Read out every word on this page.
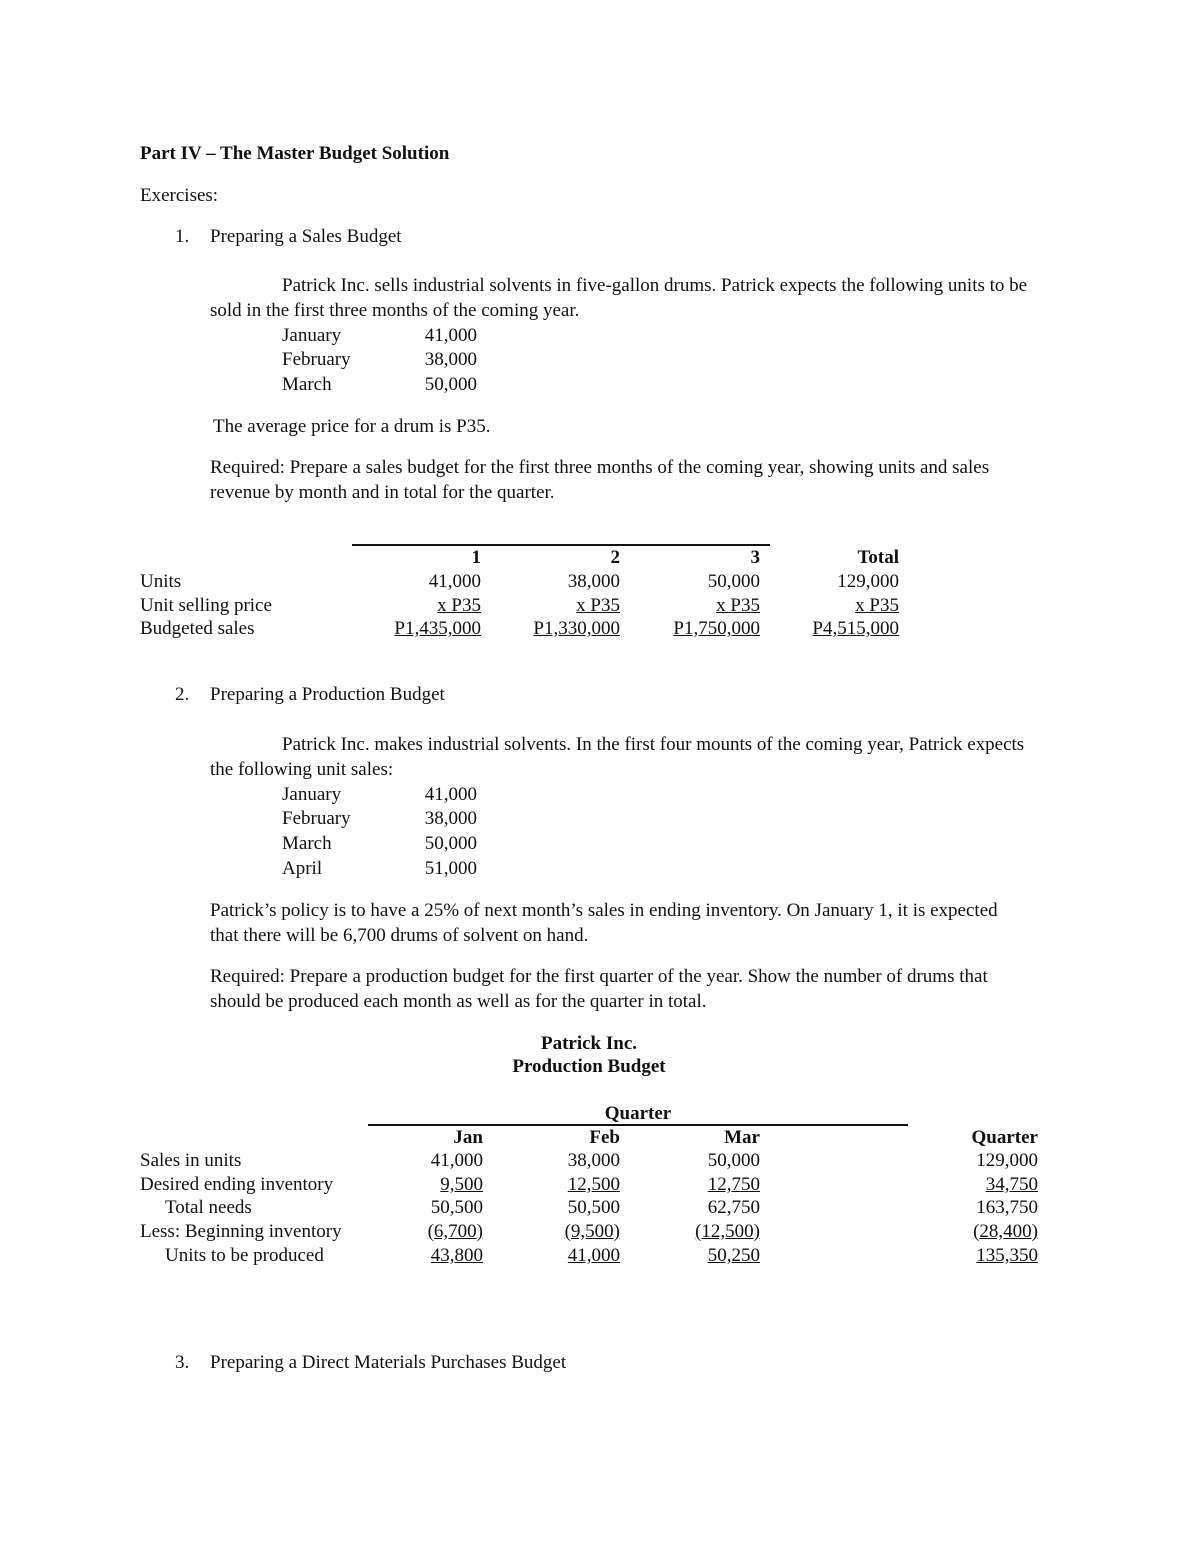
Part IV – The Master Budget Solution
Exercises:
1. Preparing a Sales Budget
Patrick Inc. sells industrial solvents in five-gallon drums. Patrick expects the following units to be
sold in the first three months of the coming year.
January	41,000
February	38,000
March	50,000
The average price for a drum is P35.
Required: Prepare a sales budget for the first three months of the coming year, showing units and sales
revenue by month and in total for the quarter.
1	2	3	Total
Units	41,000	38,000	50,000	129,000
Unit selling price	x P35	x P35	x P35	x P35
Budgeted sales	P1,435,000	P1,330,000	P1,750,000	P4,515,000
2. Preparing a Production Budget
Patrick Inc. makes industrial solvents. In the first four mounts of the coming year, Patrick expects
the following unit sales:
January	41,000
February	38,000
March	50,000
April	51,000
Patrick’s policy is to have a 25% of next month’s sales in ending inventory. On January 1, it is expected
that there will be 6,700 drums of solvent on hand.
Required: Prepare a production budget for the first quarter of the year. Show the number of drums that
should be produced each month as well as for the quarter in total.
Patrick Inc.
Production Budget
Quarter
Jan	Feb	Mar	Quarter
Sales in units	41,000	38,000	50,000	129,000
Desired ending inventory	9,500	12,500	12,750	34,750
Total needs	50,500	50,500	62,750	163,750
Less: Beginning inventory	(6,700)	(9,500)	(12,500)	(28,400)
Units to be produced	43,800	41,000	50,250	135,350
3. Preparing a Direct Materials Purchases Budget
